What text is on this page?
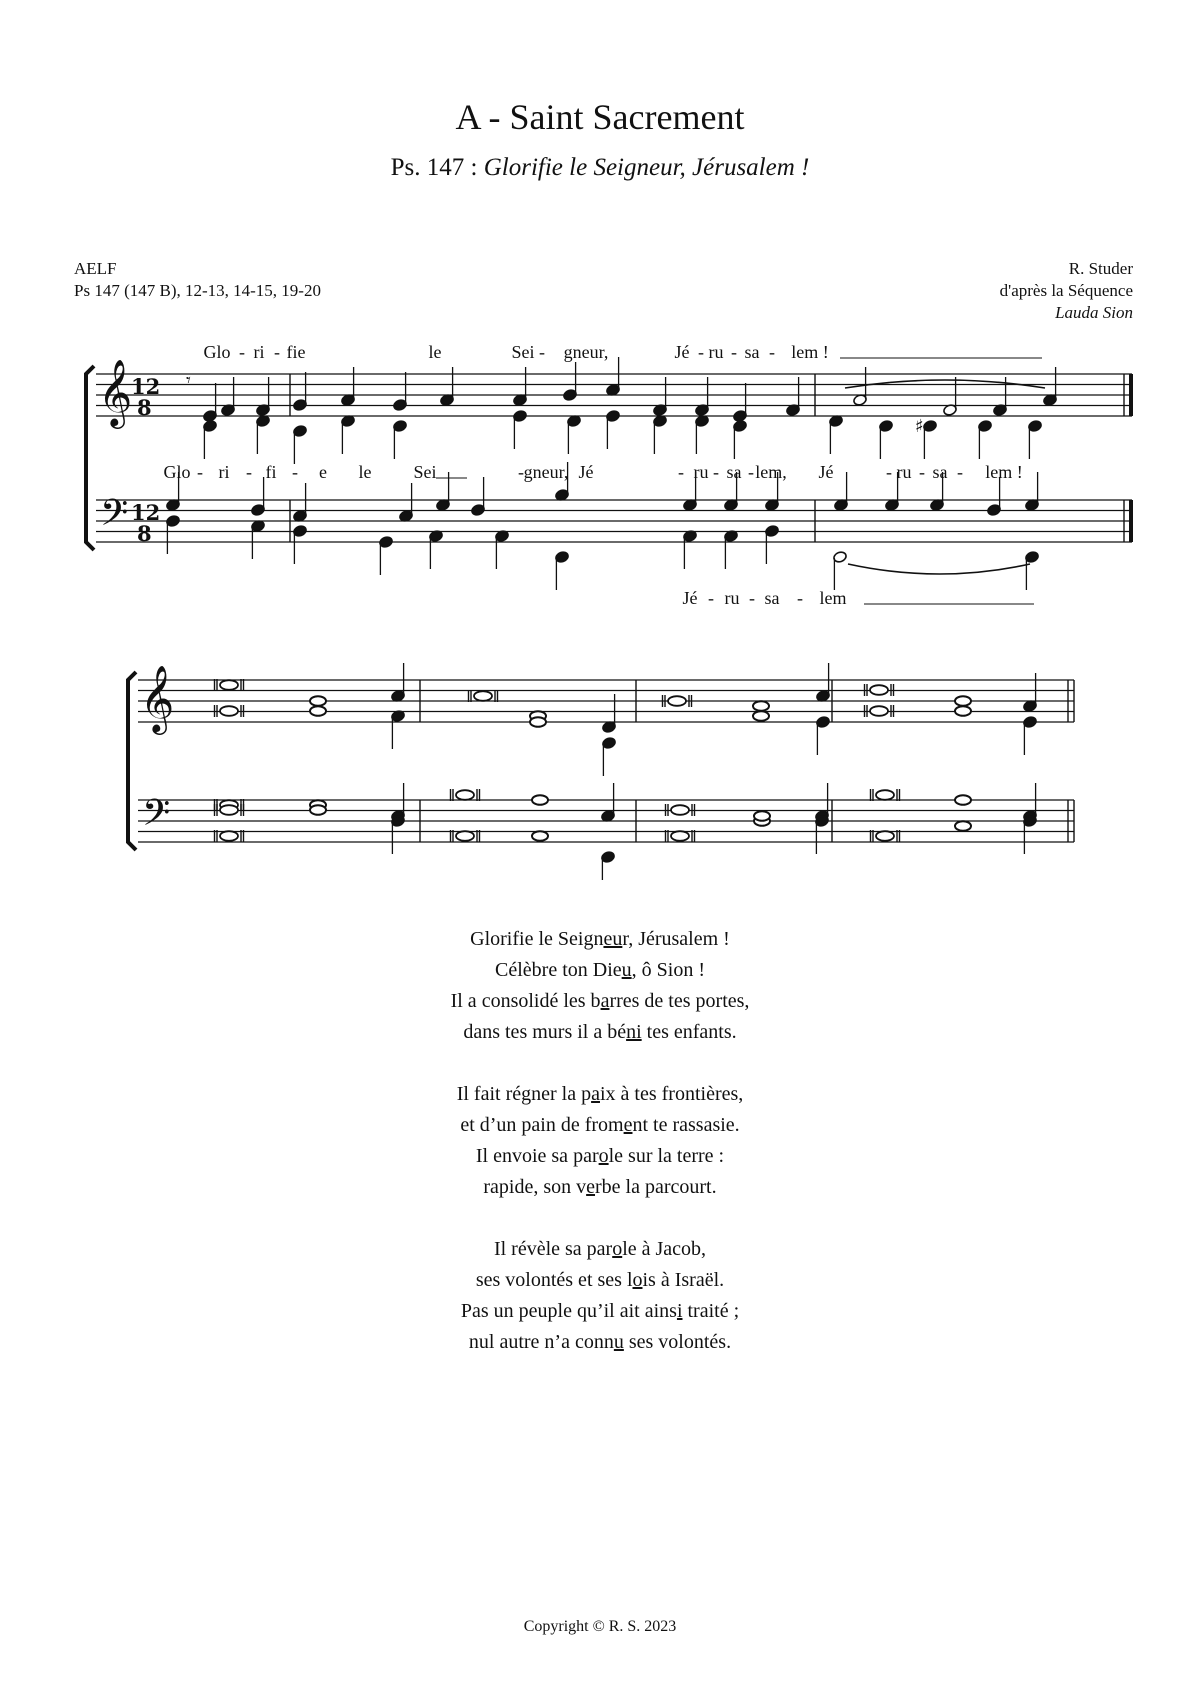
A - Saint Sacrement
Ps. 147 : Glorifie le Seigneur, Jérusalem !
AELF
Ps 147 (147 B), 12-13, 14-15, 19-20
R. Studer
d'après la Séquence
Lauda Sion
𝄞
𝄢
12
8
12
8
♯
𝄾
𝄞
𝄢
Glo - ri - fie	le	Sei - gneur,	Jé - ru - sa - lem !
Glo - ri - fi - e le Sei	- gneur, Jé	- ru - sa - lem, Jé	- ru - sa - lem !
Jé - ru - sa - lem
Glorifie le Seigneur, Jérusalem !
Célèbre ton Dieu, ô Sion !
Il a consolidé les barres de tes portes,
dans tes murs il a béni tes enfants.
Il fait régner la paix à tes frontières,
et d’un pain de froment te rassasie.
Il envoie sa parole sur la terre :
rapide, son verbe la parcourt.
Il révèle sa parole à Jacob,
ses volontés et ses lois à Israël.
Pas un peuple qu’il ait ainsi traité ;
nul autre n’a connu ses volontés.
Copyright © R. S. 2023
